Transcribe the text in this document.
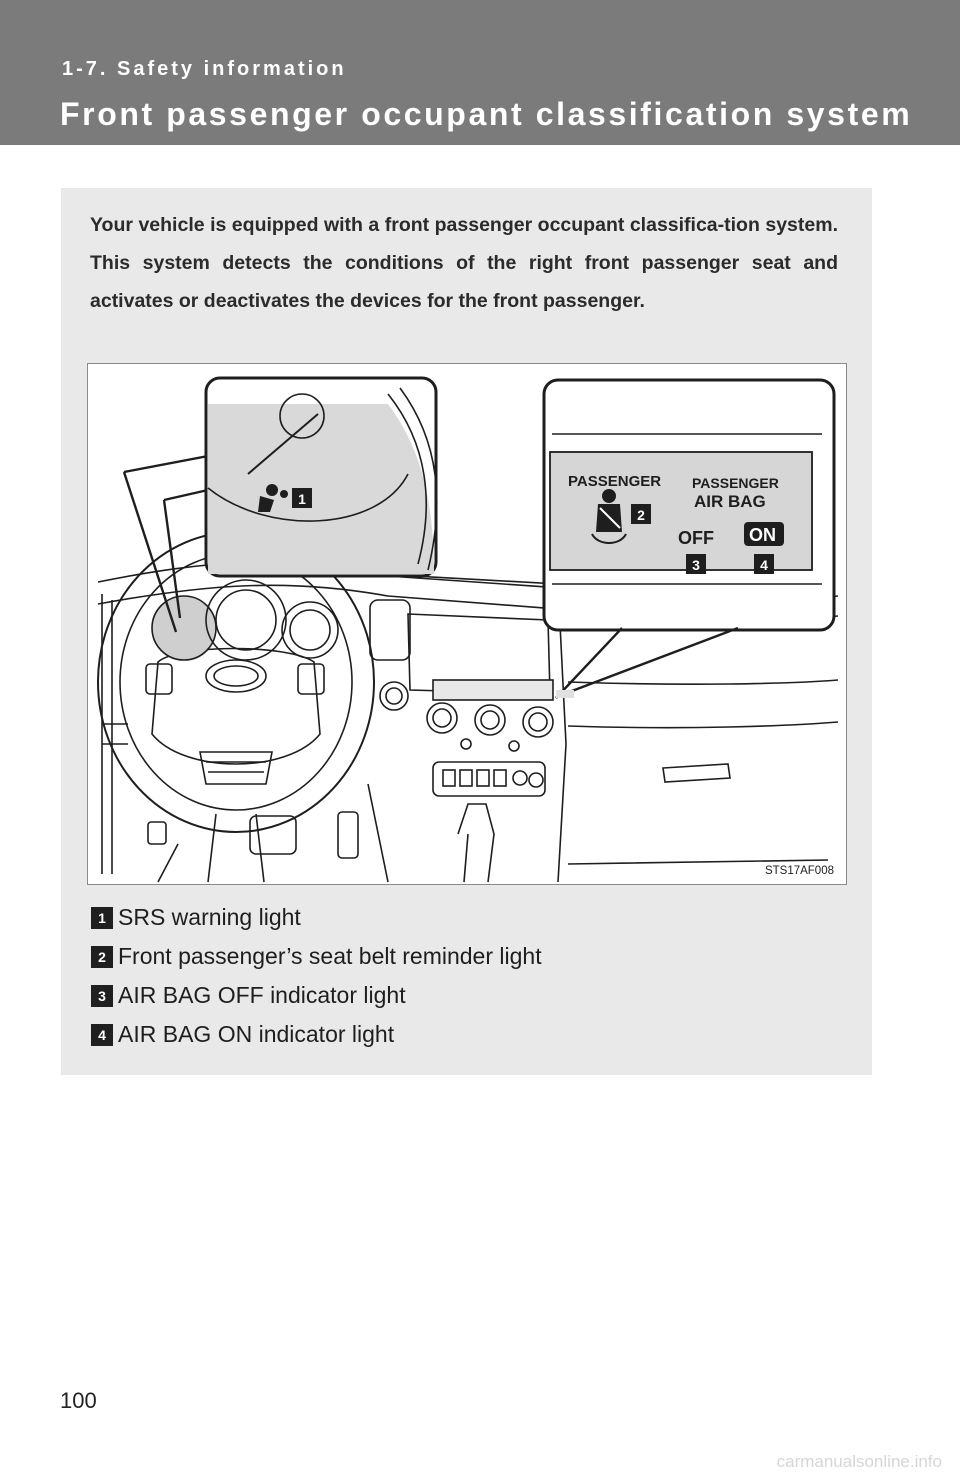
1-7. Safety information
Front passenger occupant classification system
Your vehicle is equipped with a front passenger occupant classifica-tion system. This system detects the conditions of the right front passenger seat and activates or deactivates the devices for the front passenger.
PASSENGER PASSENGER
AIR BAG
OFF ON
1
2
3	4
STS17AF008
1 SRS warning light
2 Front passenger’s seat belt reminder light
3 AIR BAG OFF indicator light
4 AIR BAG ON indicator light
100
carmanualsonline.info
